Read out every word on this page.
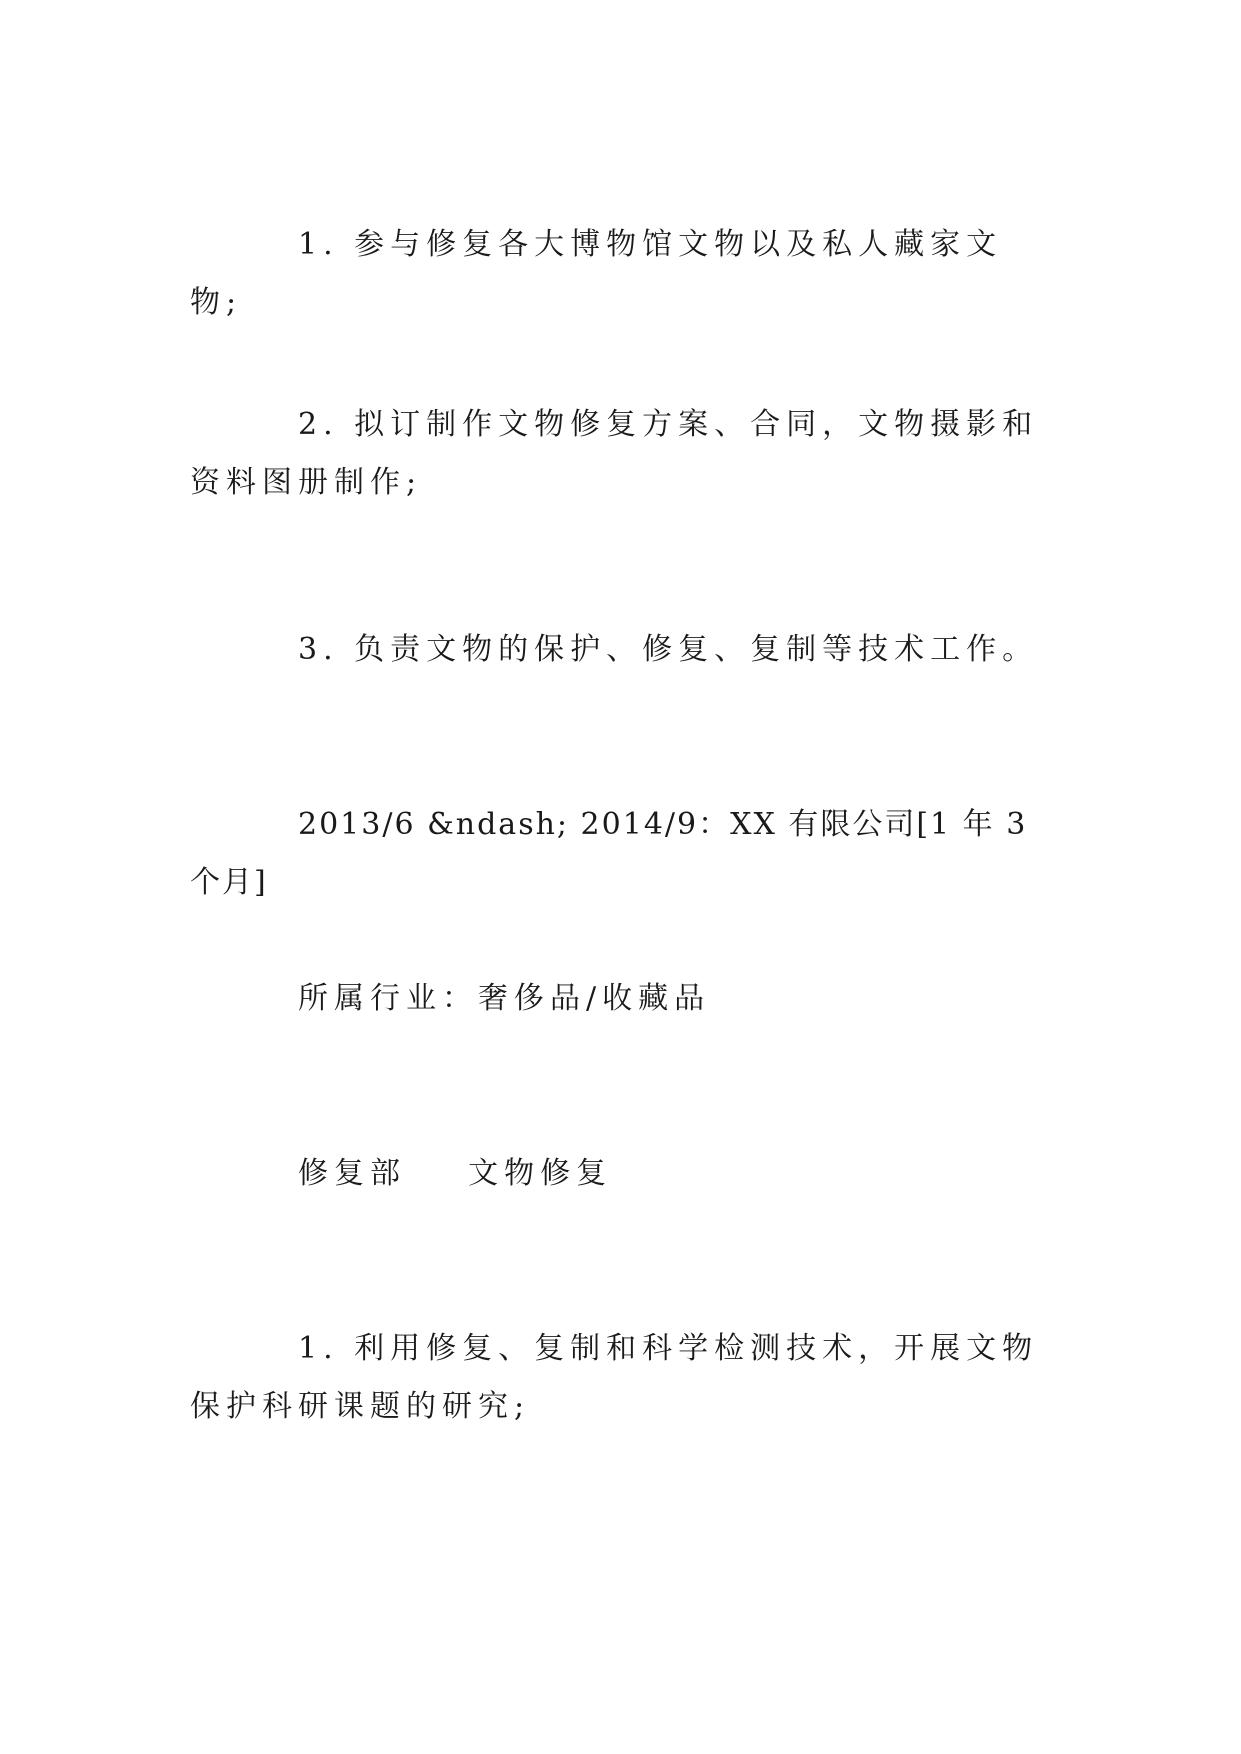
1. 参与修复各大博物馆文物以及私人藏家文物;

2. 拟订制作文物修复方案、合同，文物摄影和资料图册制作;

3. 负责文物的保护、修复、复制等技术工作。

2013/6 &ndash; 2014/9：XX 有限公司[1 年 3 个月]

所属行业：奢侈品/收藏品

修复部    文物修复

1. 利用修复、复制和科学检测技术，开展文物保护科研课题的研究;
